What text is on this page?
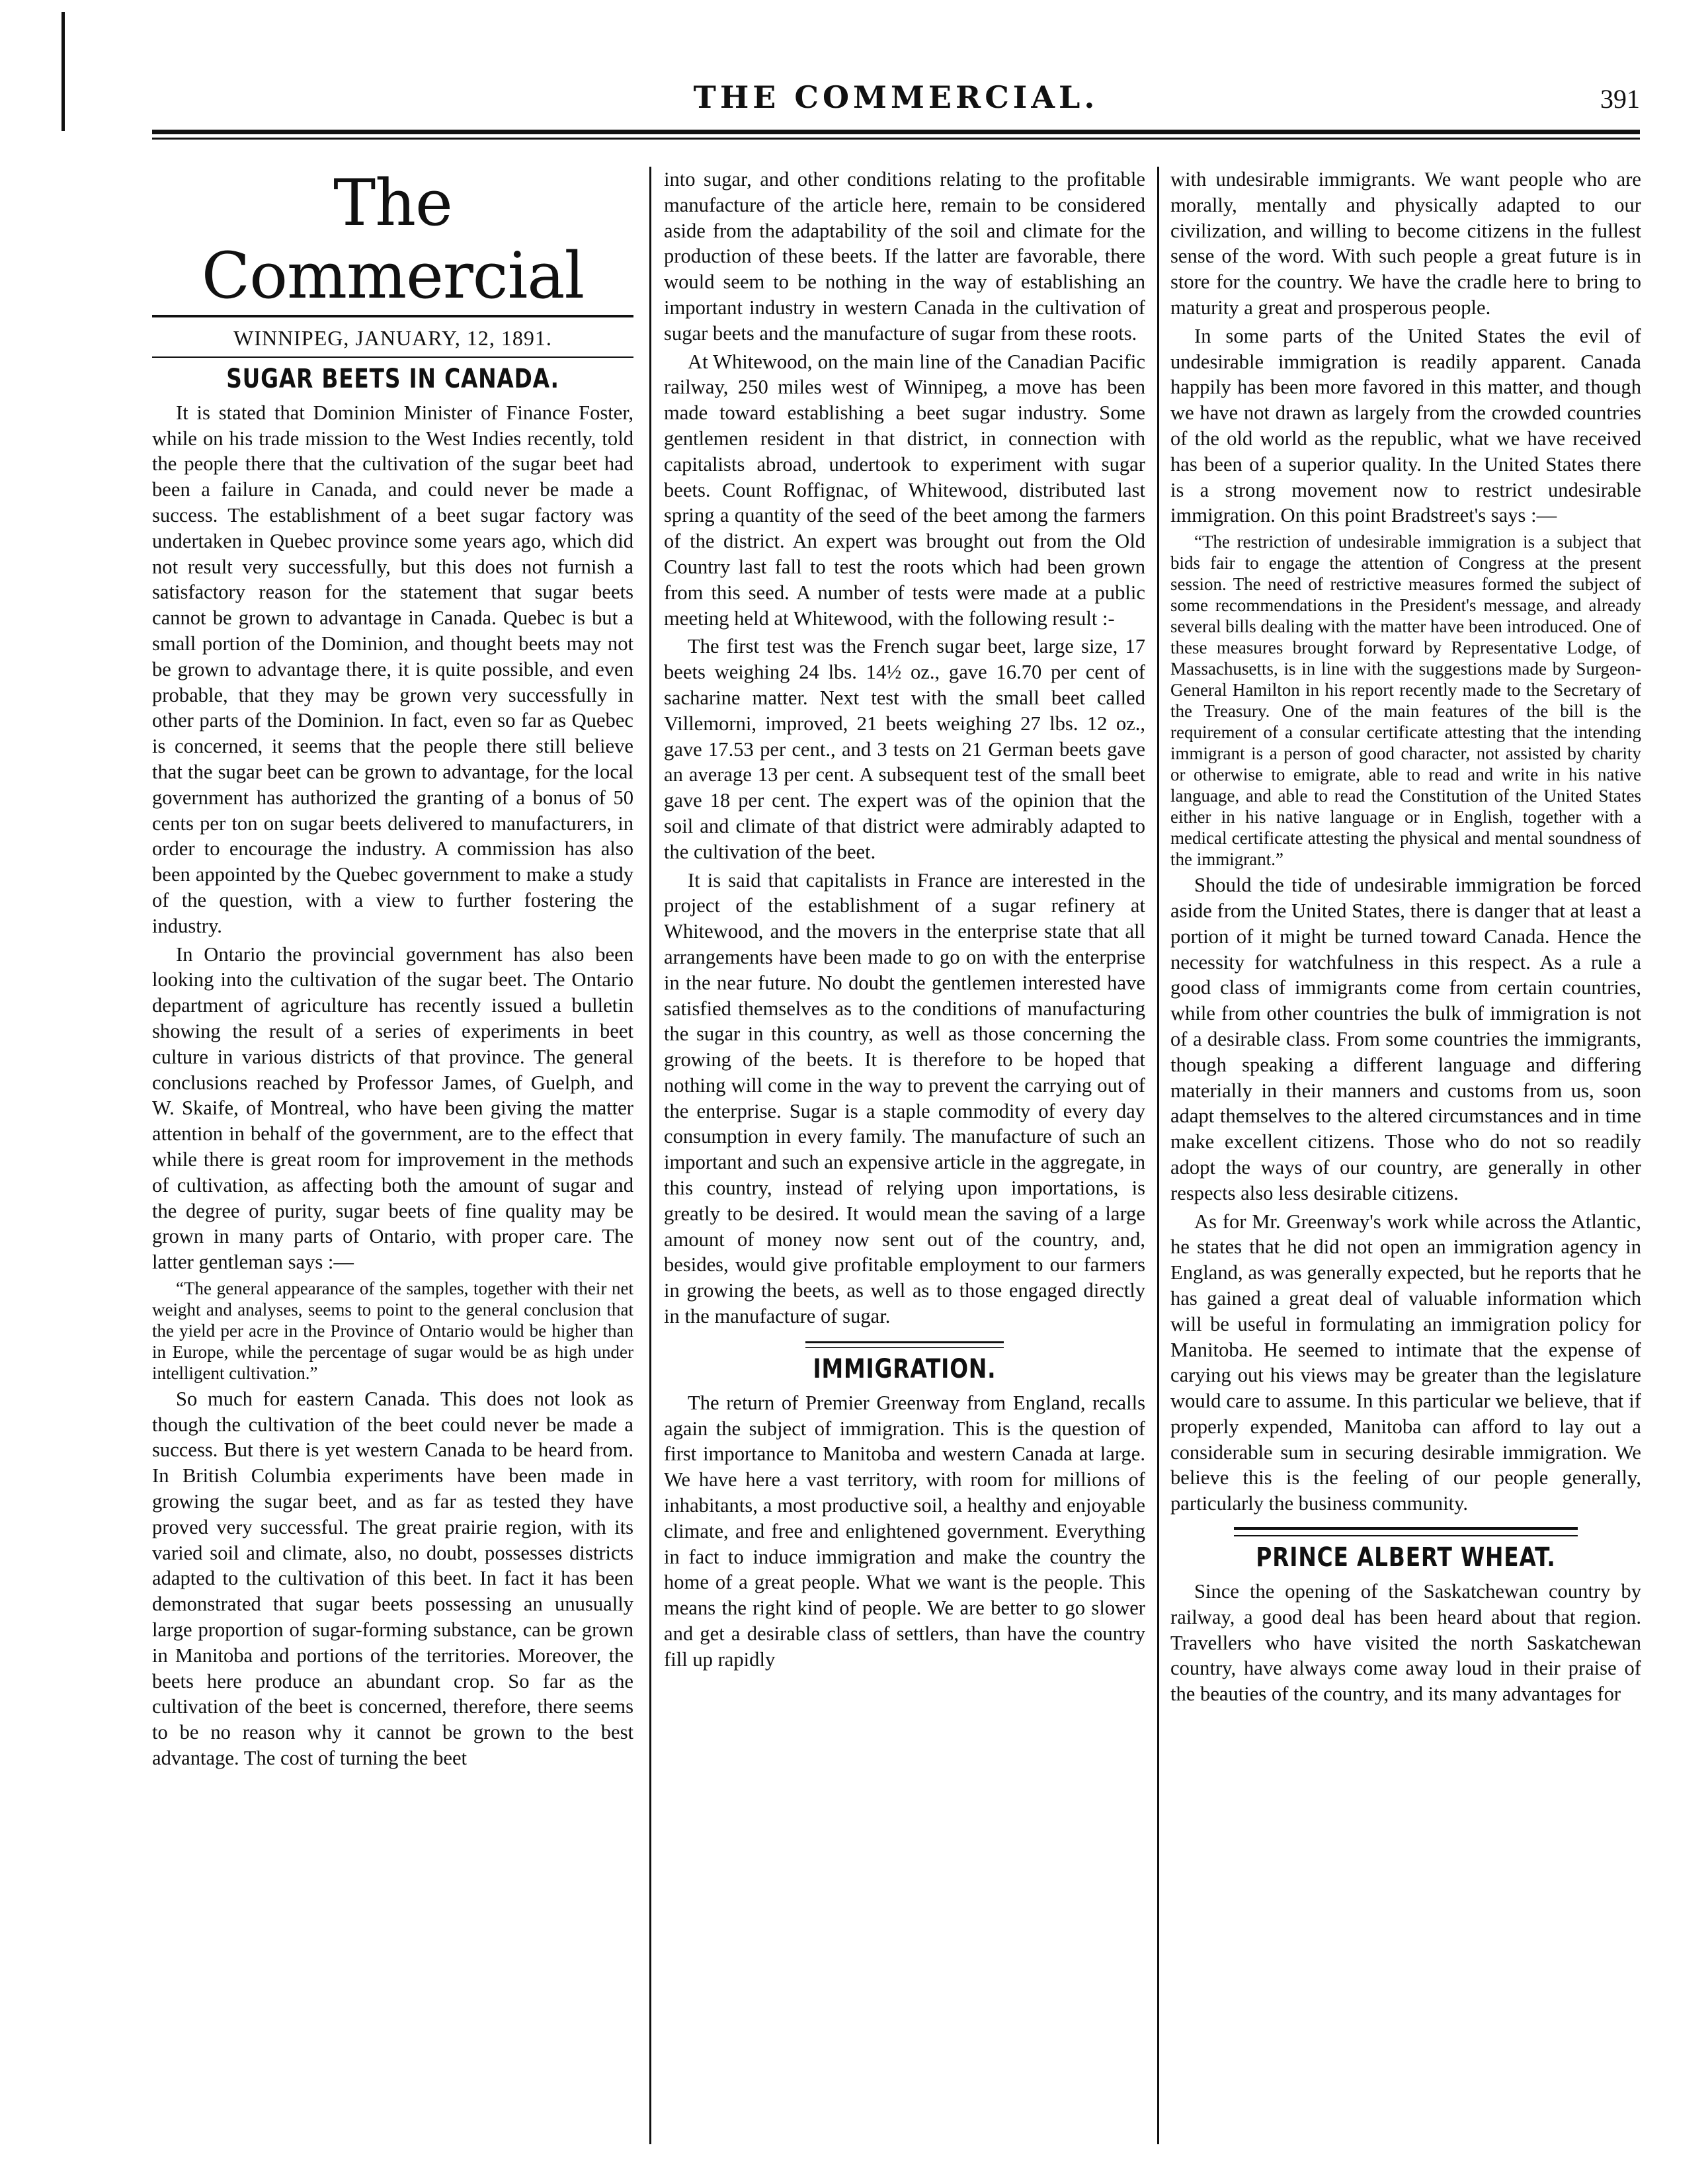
THE COMMERCIAL.	391
The Commercial
WINNIPEG, JANUARY, 12, 1891.
SUGAR BEETS IN CANADA.

It is stated that Dominion Minister of Finance Foster, while on his trade mission to the West Indies recently, told the people there that the cultivation of the sugar beet had been a failure in Canada, and could never be made a success. The establishment of a beet sugar factory was undertaken in Quebec province some years ago, which did not result very successfully, but this does not furnish a satisfactory reason for the statement that sugar beets cannot be grown to advantage in Canada. Quebec is but a small portion of the Dominion, and thought beets may not be grown to advantage there, it is quite possible, and even probable, that they may be grown very successfully in other parts of the Dominion. In fact, even so far as Quebec is concerned, it seems that the people there still believe that the sugar beet can be grown to advantage, for the local government has authorized the granting of a bonus of 50 cents per ton on sugar beets delivered to manufacturers, in order to encourage the industry. A commission has also been appointed by the Quebec government to make a study of the question, with a view to further fostering the industry.

In Ontario the provincial government has also been looking into the cultivation of the sugar beet. The Ontario department of agriculture has recently issued a bulletin showing the result of a series of experiments in beet culture in various districts of that province. The general conclusions reached by Professor James, of Guelph, and W. Skaife, of Montreal, who have been giving the matter attention in behalf of the government, are to the effect that while there is great room for improvement in the methods of cultivation, as affecting both the amount of sugar and the degree of purity, sugar beets of fine quality may be grown in many parts of Ontario, with proper care. The latter gentleman says :—

“The general appearance of the samples, together with their net weight and analyses, seems to point to the general conclusion that the yield per acre in the Province of Ontario would be higher than in Europe, while the percentage of sugar would be as high under intelligent cultivation.”

So much for eastern Canada. This does not look as though the cultivation of the beet could never be made a success. But there is yet western Canada to be heard from. In British Columbia experiments have been made in growing the sugar beet, and as far as tested they have proved very successful. The great prairie region, with its varied soil and climate, also, no doubt, possesses districts adapted to the cultivation of this beet. In fact it has been demonstrated that sugar beets possessing an unusually large proportion of sugar-forming substance, can be grown in Manitoba and portions of the territories. Moreover, the beets here produce an abundant crop. So far as the cultivation of the beet is concerned, therefore, there seems to be no reason why it cannot be grown to the best advantage. The cost of turning the beet

into sugar, and other conditions relating to the profitable manufacture of the article here, remain to be considered aside from the adaptability of the soil and climate for the production of these beets. If the latter are favorable, there would seem to be nothing in the way of establishing an important industry in western Canada in the cultivation of sugar beets and the manufacture of sugar from these roots.

At Whitewood, on the main line of the Canadian Pacific railway, 250 miles west of Winnipeg, a move has been made toward establishing a beet sugar industry. Some gentlemen resident in that district, in connection with capitalists abroad, undertook to experiment with sugar beets. Count Roffignac, of Whitewood, distributed last spring a quantity of the seed of the beet among the farmers of the district. An expert was brought out from the Old Country last fall to test the roots which had been grown from this seed. A number of tests were made at a public meeting held at Whitewood, with the following result :-

The first test was the French sugar beet, large size, 17 beets weighing 24 lbs. 14½ oz., gave 16.70 per cent of sacharine matter. Next test with the small beet called Villemorni, improved, 21 beets weighing 27 lbs. 12 oz., gave 17.53 per cent., and 3 tests on 21 German beets gave an average 13 per cent. A subsequent test of the small beet gave 18 per cent. The expert was of the opinion that the soil and climate of that district were admirably adapted to the cultivation of the beet.

It is said that capitalists in France are interested in the project of the establishment of a sugar refinery at Whitewood, and the movers in the enterprise state that all arrangements have been made to go on with the enterprise in the near future. No doubt the gentlemen interested have satisfied themselves as to the conditions of manufacturing the sugar in this country, as well as those concerning the growing of the beets. It is therefore to be hoped that nothing will come in the way to prevent the carrying out of the enterprise. Sugar is a staple commodity of every day consumption in every family. The manufacture of such an important and such an expensive article in the aggregate, in this country, instead of relying upon importations, is greatly to be desired. It would mean the saving of a large amount of money now sent out of the country, and, besides, would give profitable employment to our farmers in growing the beets, as well as to those engaged directly in the manufacture of sugar.

IMMIGRATION.

The return of Premier Greenway from England, recalls again the subject of immigration. This is the question of first importance to Manitoba and western Canada at large. We have here a vast territory, with room for millions of inhabitants, a most productive soil, a healthy and enjoyable climate, and free and enlightened government. Everything in fact to induce immigration and make the country the home of a great people. What we want is the people. This means the right kind of people. We are better to go slower and get a desirable class of settlers, than have the country fill up rapidly

with undesirable immigrants. We want people who are morally, mentally and physically adapted to our civilization, and willing to become citizens in the fullest sense of the word. With such people a great future is in store for the country. We have the cradle here to bring to maturity a great and prosperous people.

In some parts of the United States the evil of undesirable immigration is readily apparent. Canada happily has been more favored in this matter, and though we have not drawn as largely from the crowded countries of the old world as the republic, what we have received has been of a superior quality. In the United States there is a strong movement now to restrict undesirable immigration. On this point Bradstreet's says :—

“The restriction of undesirable immigration is a subject that bids fair to engage the attention of Congress at the present session. The need of restrictive measures formed the subject of some recommendations in the President's message, and already several bills dealing with the matter have been introduced. One of these measures brought forward by Representative Lodge, of Massachusetts, is in line with the suggestions made by Surgeon-General Hamilton in his report recently made to the Secretary of the Treasury. One of the main features of the bill is the requirement of a consular certificate attesting that the intending immigrant is a person of good character, not assisted by charity or otherwise to emigrate, able to read and write in his native language, and able to read the Constitution of the United States either in his native language or in English, together with a medical certificate attesting the physical and mental soundness of the immigrant.”

Should the tide of undesirable immigration be forced aside from the United States, there is danger that at least a portion of it might be turned toward Canada. Hence the necessity for watchfulness in this respect. As a rule a good class of immigrants come from certain countries, while from other countries the bulk of immigration is not of a desirable class. From some countries the immigrants, though speaking a different language and differing materially in their manners and customs from us, soon adapt themselves to the altered circumstances and in time make excellent citizens. Those who do not so readily adopt the ways of our country, are generally in other respects also less desirable citizens.

As for Mr. Greenway's work while across the Atlantic, he states that he did not open an immigration agency in England, as was generally expected, but he reports that he has gained a great deal of valuable information which will be useful in formulating an immigration policy for Manitoba. He seemed to intimate that the expense of carying out his views may be greater than the legislature would care to assume. In this particular we believe, that if properly expended, Manitoba can afford to lay out a considerable sum in securing desirable immigration. We believe this is the feeling of our people generally, particularly the business community.

PRINCE ALBERT WHEAT.

Since the opening of the Saskatchewan country by railway, a good deal has been heard about that region. Travellers who have visited the north Saskatchewan country, have always come away loud in their praise of the beauties of the country, and its many advantages for
